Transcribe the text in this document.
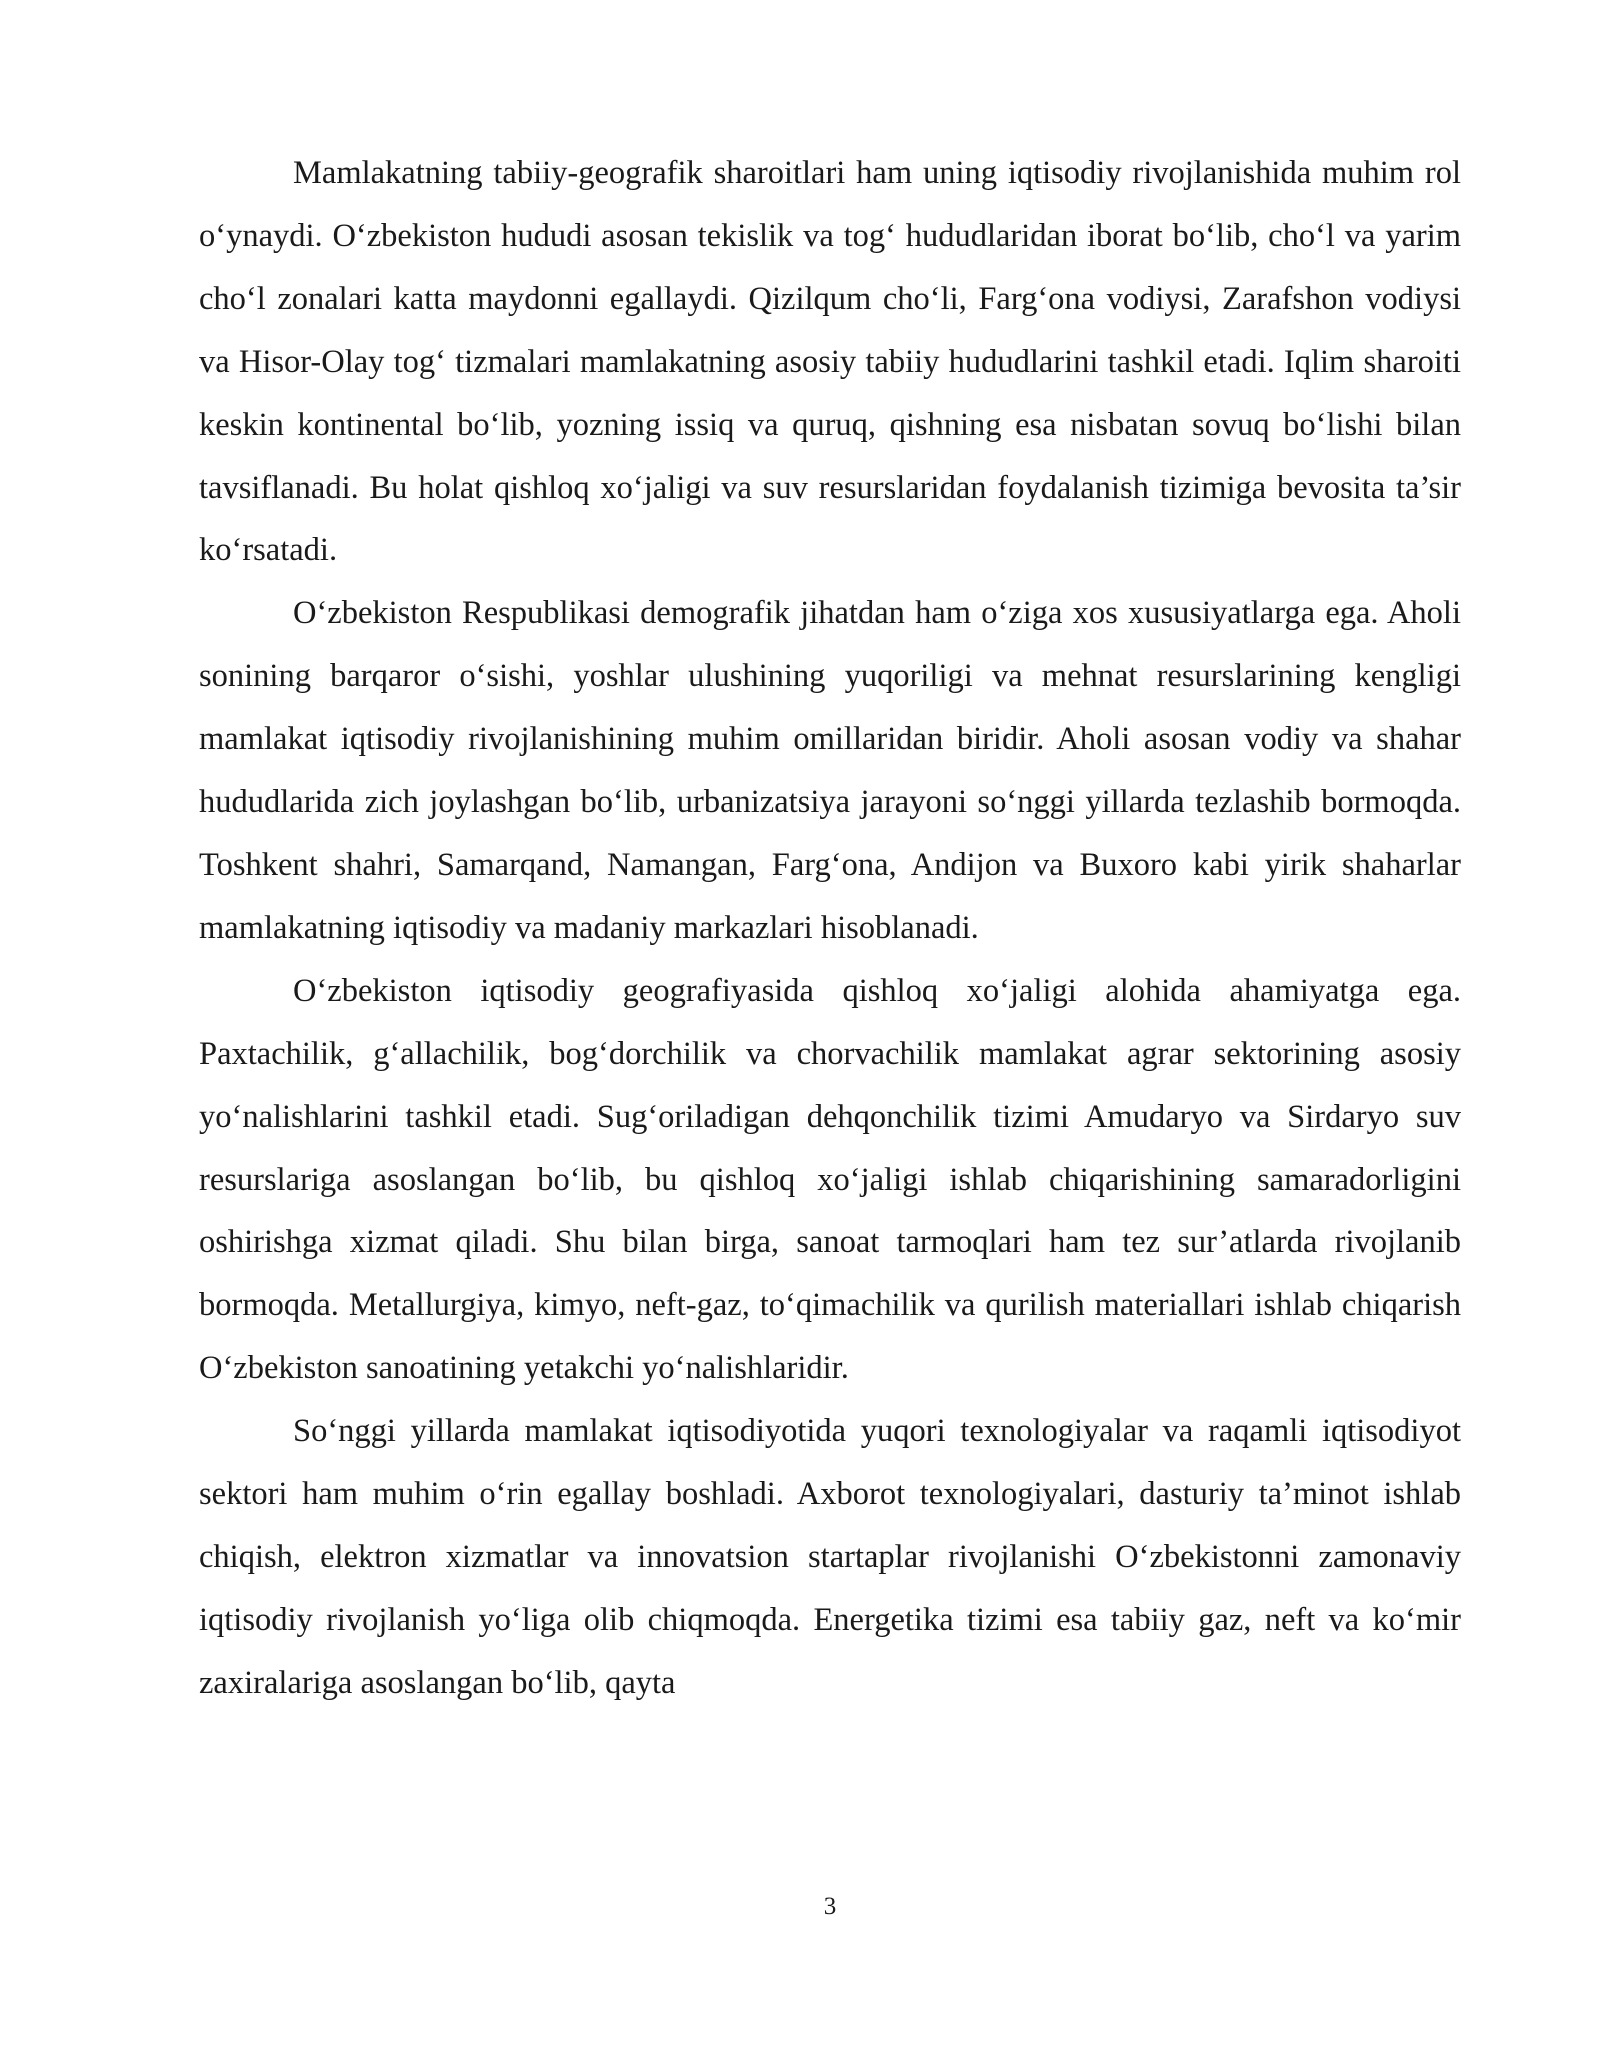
Mamlakatning tabiiy-geografik sharoitlari ham uning iqtisodiy rivojlanishida muhim rol o‘ynaydi. O‘zbekiston hududi asosan tekislik va tog‘ hududlaridan iborat bo‘lib, cho‘l va yarim cho‘l zonalari katta maydonni egallaydi. Qizilqum cho‘li, Farg‘ona vodiysi, Zarafshon vodiysi va Hisor-Olay tog‘ tizmalari mamlakatning asosiy tabiiy hududlarini tashkil etadi. Iqlim sharoiti keskin kontinental bo‘lib, yozning issiq va quruq, qishning esa nisbatan sovuq bo‘lishi bilan tavsiflanadi. Bu holat qishloq xo‘jaligi va suv resurslaridan foydalanish tizimiga bevosita ta’sir ko‘rsatadi.

O‘zbekiston Respublikasi demografik jihatdan ham o‘ziga xos xususiyatlarga ega. Aholi sonining barqaror o‘sishi, yoshlar ulushining yuqoriligi va mehnat resurslarining kengligi mamlakat iqtisodiy rivojlanishining muhim omillaridan biridir. Aholi asosan vodiy va shahar hududlarida zich joylashgan bo‘lib, urbanizatsiya jarayoni so‘nggi yillarda tezlashib bormoqda. Toshkent shahri, Samarqand, Namangan, Farg‘ona, Andijon va Buxoro kabi yirik shaharlar mamlakatning iqtisodiy va madaniy markazlari hisoblanadi.

O‘zbekiston iqtisodiy geografiyasida qishloq xo‘jaligi alohida ahamiyatga ega. Paxtachilik, g‘allachilik, bog‘dorchilik va chorvachilik mamlakat agrar sektorining asosiy yo‘nalishlarini tashkil etadi. Sug‘oriladigan dehqonchilik tizimi Amudaryo va Sirdaryo suv resurslariga asoslangan bo‘lib, bu qishloq xo‘jaligi ishlab chiqarishining samaradorligini oshirishga xizmat qiladi. Shu bilan birga, sanoat tarmoqlari ham tez sur’atlarda rivojlanib bormoqda. Metallurgiya, kimyo, neft-gaz, to‘qimachilik va qurilish materiallari ishlab chiqarish O‘zbekiston sanoatining yetakchi yo‘nalishlaridir.

So‘nggi yillarda mamlakat iqtisodiyotida yuqori texnologiyalar va raqamli iqtisodiyot sektori ham muhim o‘rin egallay boshladi. Axborot texnologiyalari, dasturiy ta’minot ishlab chiqish, elektron xizmatlar va innovatsion startaplar rivojlanishi O‘zbekistonni zamonaviy iqtisodiy rivojlanish yo‘liga olib chiqmoqda. Energetika tizimi esa tabiiy gaz, neft va ko‘mir zaxiralariga asoslangan bo‘lib, qayta

3
